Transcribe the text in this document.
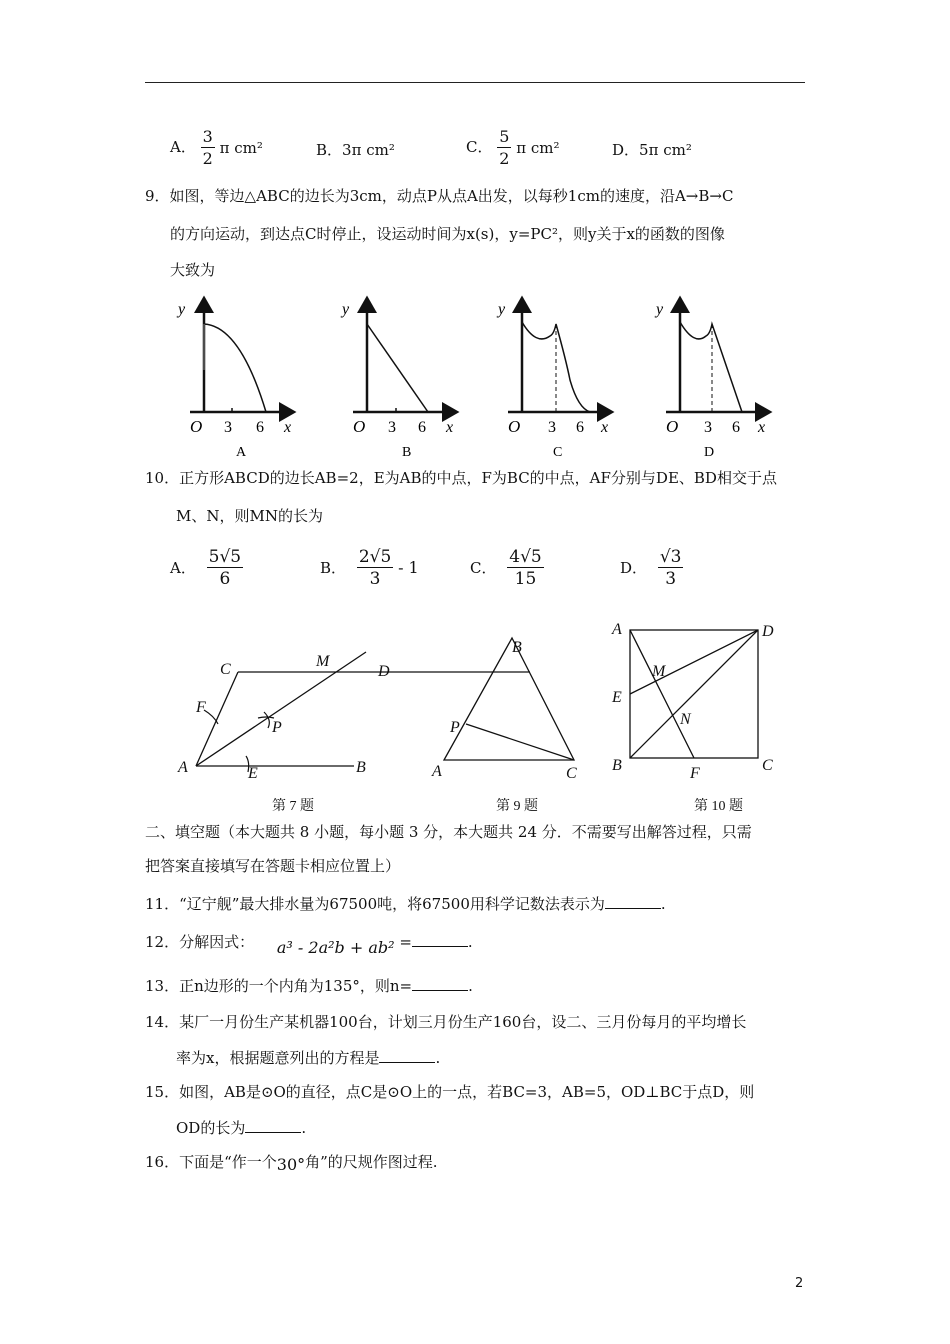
A． $\frac{3}{2}$ π cm²	B．3π cm²	C． $\frac{5}{2}$ π cm²	D．5π cm²
9．如图，等边△ABC的边长为3cm，动点P从点A出发，以每秒1cm的速度，沿A→B→C
的方向运动，到达点C时停止，设运动时间为x(s)，y=PC²，则y关于x的函数的图像
大致为
y
O 3 6 x
A
y
O 3 6 x
B
y
O 3 6 x
C
y
O 3 6 x
D
10．正方形ABCD的边长AB=2，E为AB的中点，F为BC的中点，AF分别与DE、BD相交于点
M、N，则MN的长为
A． $\frac{5√5}{6}$	B． $\frac{2√5}{3} - 1$	C． $\frac{4√5}{15}$	D． $\frac{√3}{3}$
C	M
D
F
P
A	E	B
第 7 题
B
P
A	C
第 9 题
A	D
M
E
N
B	F	C
第 10 题
二、填空题（本大题共 8 小题，每小题 3 分，本大题共 24 分．不需要写出解答过程，只需
把答案直接填写在答题卡相应位置上）
11．“辽宁舰”最大排水量为67500吨，将67500用科学记数法表示为	.
12．分解因式： a³ - 2a²b + ab² =	.
13．正n边形的一个内角为135°，则n=	.
14．某厂一月份生产某机器100台，计划三月份生产160台，设二、三月份每月的平均增长
率为x，根据题意列出的方程是	.
15．如图，AB是⊙O的直径，点C是⊙O上的一点，若BC=3，AB=5，OD⊥BC于点D，则
OD的长为	.
16．下面是“作一个30°角”的尺规作图过程.
2
